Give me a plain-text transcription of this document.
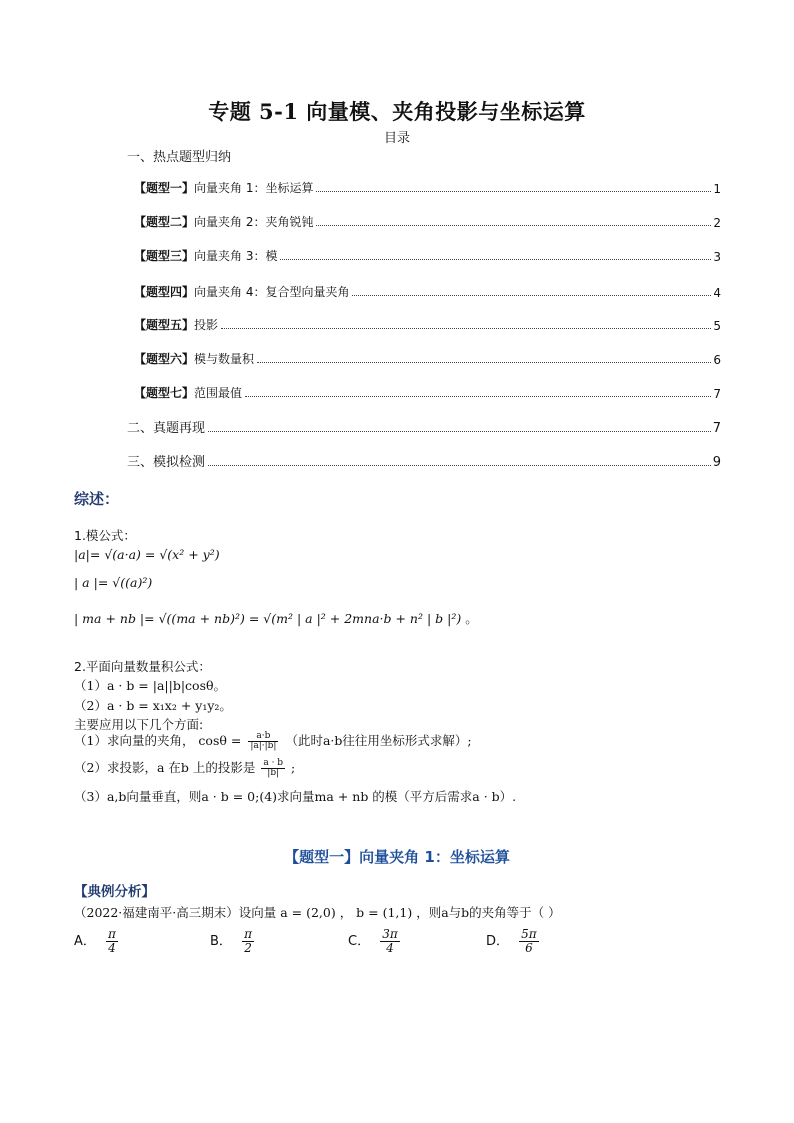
专题 5-1 向量模、夹角投影与坐标运算
目录
一、热点题型归纳
【题型一】向量夹角 1：坐标运算	1
【题型二】向量夹角 2：夹角锐钝	2
【题型三】向量夹角 3：模	3
【题型四】向量夹角 4：复合型向量夹角	4
【题型五】投影	5
【题型六】模与数量积	6
【题型七】范围最值	7
二、真题再现	7
三、模拟检测	9
综述：
1.模公式：
|a|= √(a·a) = √(x² + y²)
| a |= √((a)²)
| ma + nb |= √((ma + nb)²) = √(m² | a |² + 2mna·b + n² | b |²) 。
2.平面向量数量积公式：
（1）a · b = |a||b|cosθ。
（2）a · b = x₁x₂ + y₁y₂。
主要应用以下几个方面:
（1）求向量的夹角， $\cos\theta = \frac{a\cdot b}{|a|\cdot|b|}$ （此时a·b往往用坐标形式求解）;
（2）求投影，a 在b 上的投影是 $\frac{a \cdot b}{|b|}$ ;
（3）a,b向量垂直，则a · b = 0;(4)求向量ma + nb 的模（平方后需求a · b）.
【题型一】向量夹角 1：坐标运算
【典例分析】
（2022·福建南平·高三期末）设向量 a = (2,0) ， b = (1,1) ，则a与b的夹角等于（ ）
A． $\frac{\pi}{4}$	B． $\frac{\pi}{2}$	C． $\frac{3\pi}{4}$	D． $\frac{5\pi}{6}$
